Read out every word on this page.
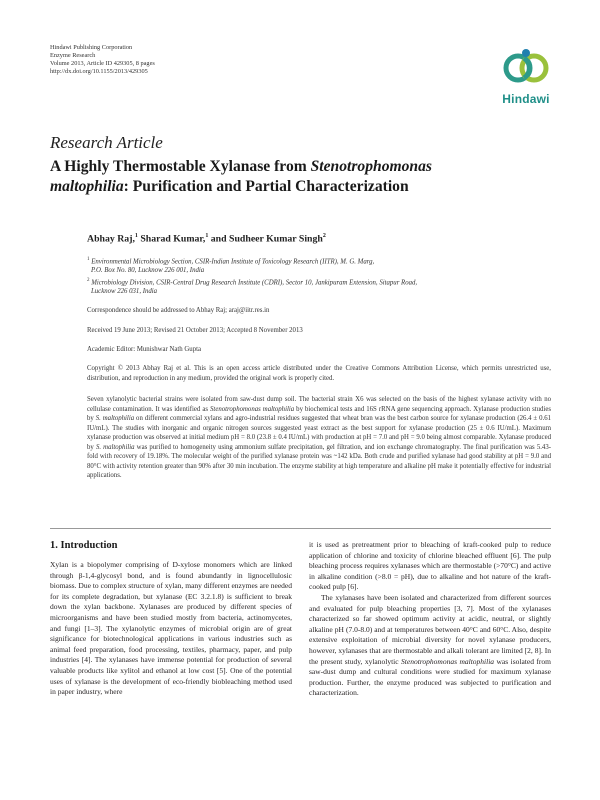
Hindawi Publishing Corporation
Enzyme Research
Volume 2013, Article ID 429305, 8 pages
http://dx.doi.org/10.1155/2013/429305
Hindawi
Research Article
A Highly Thermostable Xylanase from Stenotrophomonas
maltophilia: Purification and Partial Characterization
Abhay Raj,$^1$ Sharad Kumar,$^1$ and Sudheer Kumar Singh$^2$
$^1$ Environmental Microbiology Section, CSIR-Indian Institute of Toxicology Research (IITR), M. G. Marg,
P.O. Box No. 80, Lucknow 226 001, India
$^2$ Microbiology Division, CSIR-Central Drug Research Institute (CDRI), Sector 10, Jankipuram Extension, Sitapur Road,
Lucknow 226 031, India
Correspondence should be addressed to Abhay Raj; araj@iitr.res.in
Received 19 June 2013; Revised 21 October 2013; Accepted 8 November 2013
Academic Editor: Munishwar Nath Gupta
Copyright © 2013 Abhay Raj et al. This is an open access article distributed under the Creative Commons Attribution License, which permits unrestricted use, distribution, and reproduction in any medium, provided the original work is properly cited.
Seven xylanolytic bacterial strains were isolated from saw-dust dump soil. The bacterial strain X6 was selected on the basis of the highest xylanase activity with no cellulase contamination. It was identified as Stenotrophomonas maltophilia by biochemical tests and 16S rRNA gene sequencing approach. Xylanase production studies by S. maltophilia on different commercial xylans and agro-industrial residues suggested that wheat bran was the best carbon source for xylanase production (26.4 ± 0.61 IU/mL). The studies with inorganic and organic nitrogen sources suggested yeast extract as the best support for xylanase production (25 ± 0.6 IU/mL). Maximum xylanase production was observed at initial medium pH = 8.0 (23.8 ± 0.4 IU/mL) with production at pH = 7.0 and pH = 9.0 being almost comparable. Xylanase produced by S. maltophilia was purified to homogeneity using ammonium sulfate precipitation, gel filtration, and ion exchange chromatography. The final purification was 5.43-fold with recovery of 19.18%. The molecular weight of the purified xylanase protein was ~142 kDa. Both crude and purified xylanase had good stability at pH = 9.0 and 80°C with activity retention greater than 90% after 30 min incubation. The enzyme stability at high temperature and alkaline pH make it potentially effective for industrial applications.
1. Introduction

Xylan is a biopolymer comprising of D-xylose monomers which are linked through β-1,4-glycosyl bond, and is found abundantly in lignocellulosic biomass. Due to complex structure of xylan, many different enzymes are needed for its complete degradation, but xylanase (EC 3.2.1.8) is sufficient to break down the xylan backbone. Xylanases are produced by different species of microorganisms and have been studied mostly from bacteria, actinomycetes, and fungi [1–3]. The xylanolytic enzymes of microbial origin are of great significance for biotechnological applications in various industries such as animal feed preparation, food processing, textiles, pharmacy, paper, and pulp industries [4]. The xylanases have immense potential for production of several valuable products like xylitol and ethanol at low cost [5]. One of the potential uses of xylanase is the development of eco-friendly biobleaching method used in paper industry, where

it is used as pretreatment prior to bleaching of kraft-cooked pulp to reduce application of chlorine and toxicity of chlorine bleached effluent [6]. The pulp bleaching process requires xylanases which are thermostable (>70°C) and active in alkaline condition (>8.0 = pH), due to alkaline and hot nature of the kraft-cooked pulp [6].

The xylanases have been isolated and characterized from different sources and evaluated for pulp bleaching properties [3, 7]. Most of the xylanases characterized so far showed optimum activity at acidic, neutral, or slightly alkaline pH (7.0-8.0) and at temperatures between 40°C and 60°C. Also, despite extensive exploitation of microbial diversity for novel xylanase producers, however, xylanases that are thermostable and alkali tolerant are limited [2, 8]. In the present study, xylanolytic Stenotrophomonas maltophilia was isolated from saw-dust dump and cultural conditions were studied for maximum xylanase production. Further, the enzyme produced was subjected to purification and characterization.
